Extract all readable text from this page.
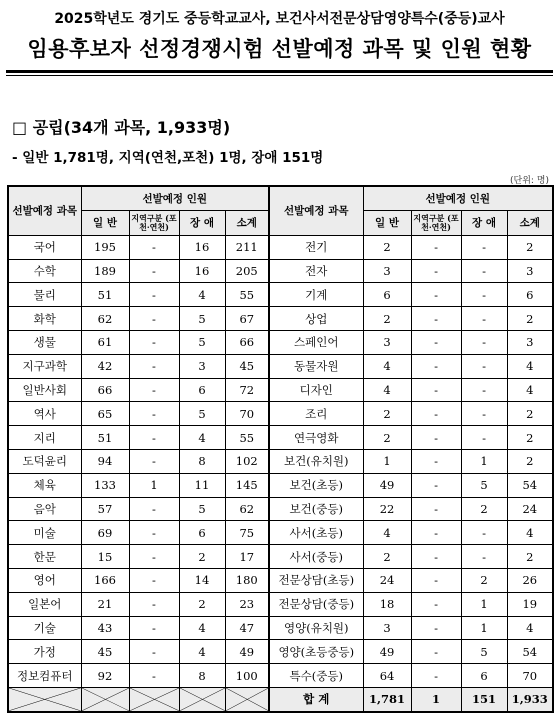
2025학년도 경기도 중등학교교사, 보건사서전문상담영양특수(중등)교사
임용후보자 선정경쟁시험 선발예정 과목 및 인원 현황
□ 공립(34개 과목, 1,933명)
- 일반 1,781명, 지역(연천,포천) 1명, 장애 151명
(단위: 명)
선발예정 과목	선발예정 인원				선발예정 과목	선발예정 인원			
	일 반	지역구분 (포천·연천)	장 애	소계		일 반	지역구분 (포천·연천)	장 애	소계
국어	195	-	16	211	전기	2	-	-	2
수학	189	-	16	205	전자	3	-	-	3
물리	51	-	4	55	기계	6	-	-	6
화학	62	-	5	67	상업	2	-	-	2
생물	61	-	5	66	스페인어	3	-	-	3
지구과학	42	-	3	45	동물자원	4	-	-	4
일반사회	66	-	6	72	디자인	4	-	-	4
역사	65	-	5	70	조리	2	-	-	2
지리	51	-	4	55	연극영화	2	-	-	2
도덕윤리	94	-	8	102	보건(유치원)	1	-	1	2
체육	133	1	11	145	보건(초등)	49	-	5	54
음악	57	-	5	62	보건(중등)	22	-	2	24
미술	69	-	6	75	사서(초등)	4	-	-	4
한문	15	-	2	17	사서(중등)	2	-	-	2
영어	166	-	14	180	전문상담(초등)	24	-	2	26
일본어	21	-	2	23	전문상담(중등)	18	-	1	19
기술	43	-	4	47	영양(유치원)	3	-	1	4
가정	45	-	4	49	영양(초등중등)	49	-	5	54
정보컴퓨터	92	-	8	100	특수(중등)	64	-	6	70

	합 계	1,781	1	151	1,933
